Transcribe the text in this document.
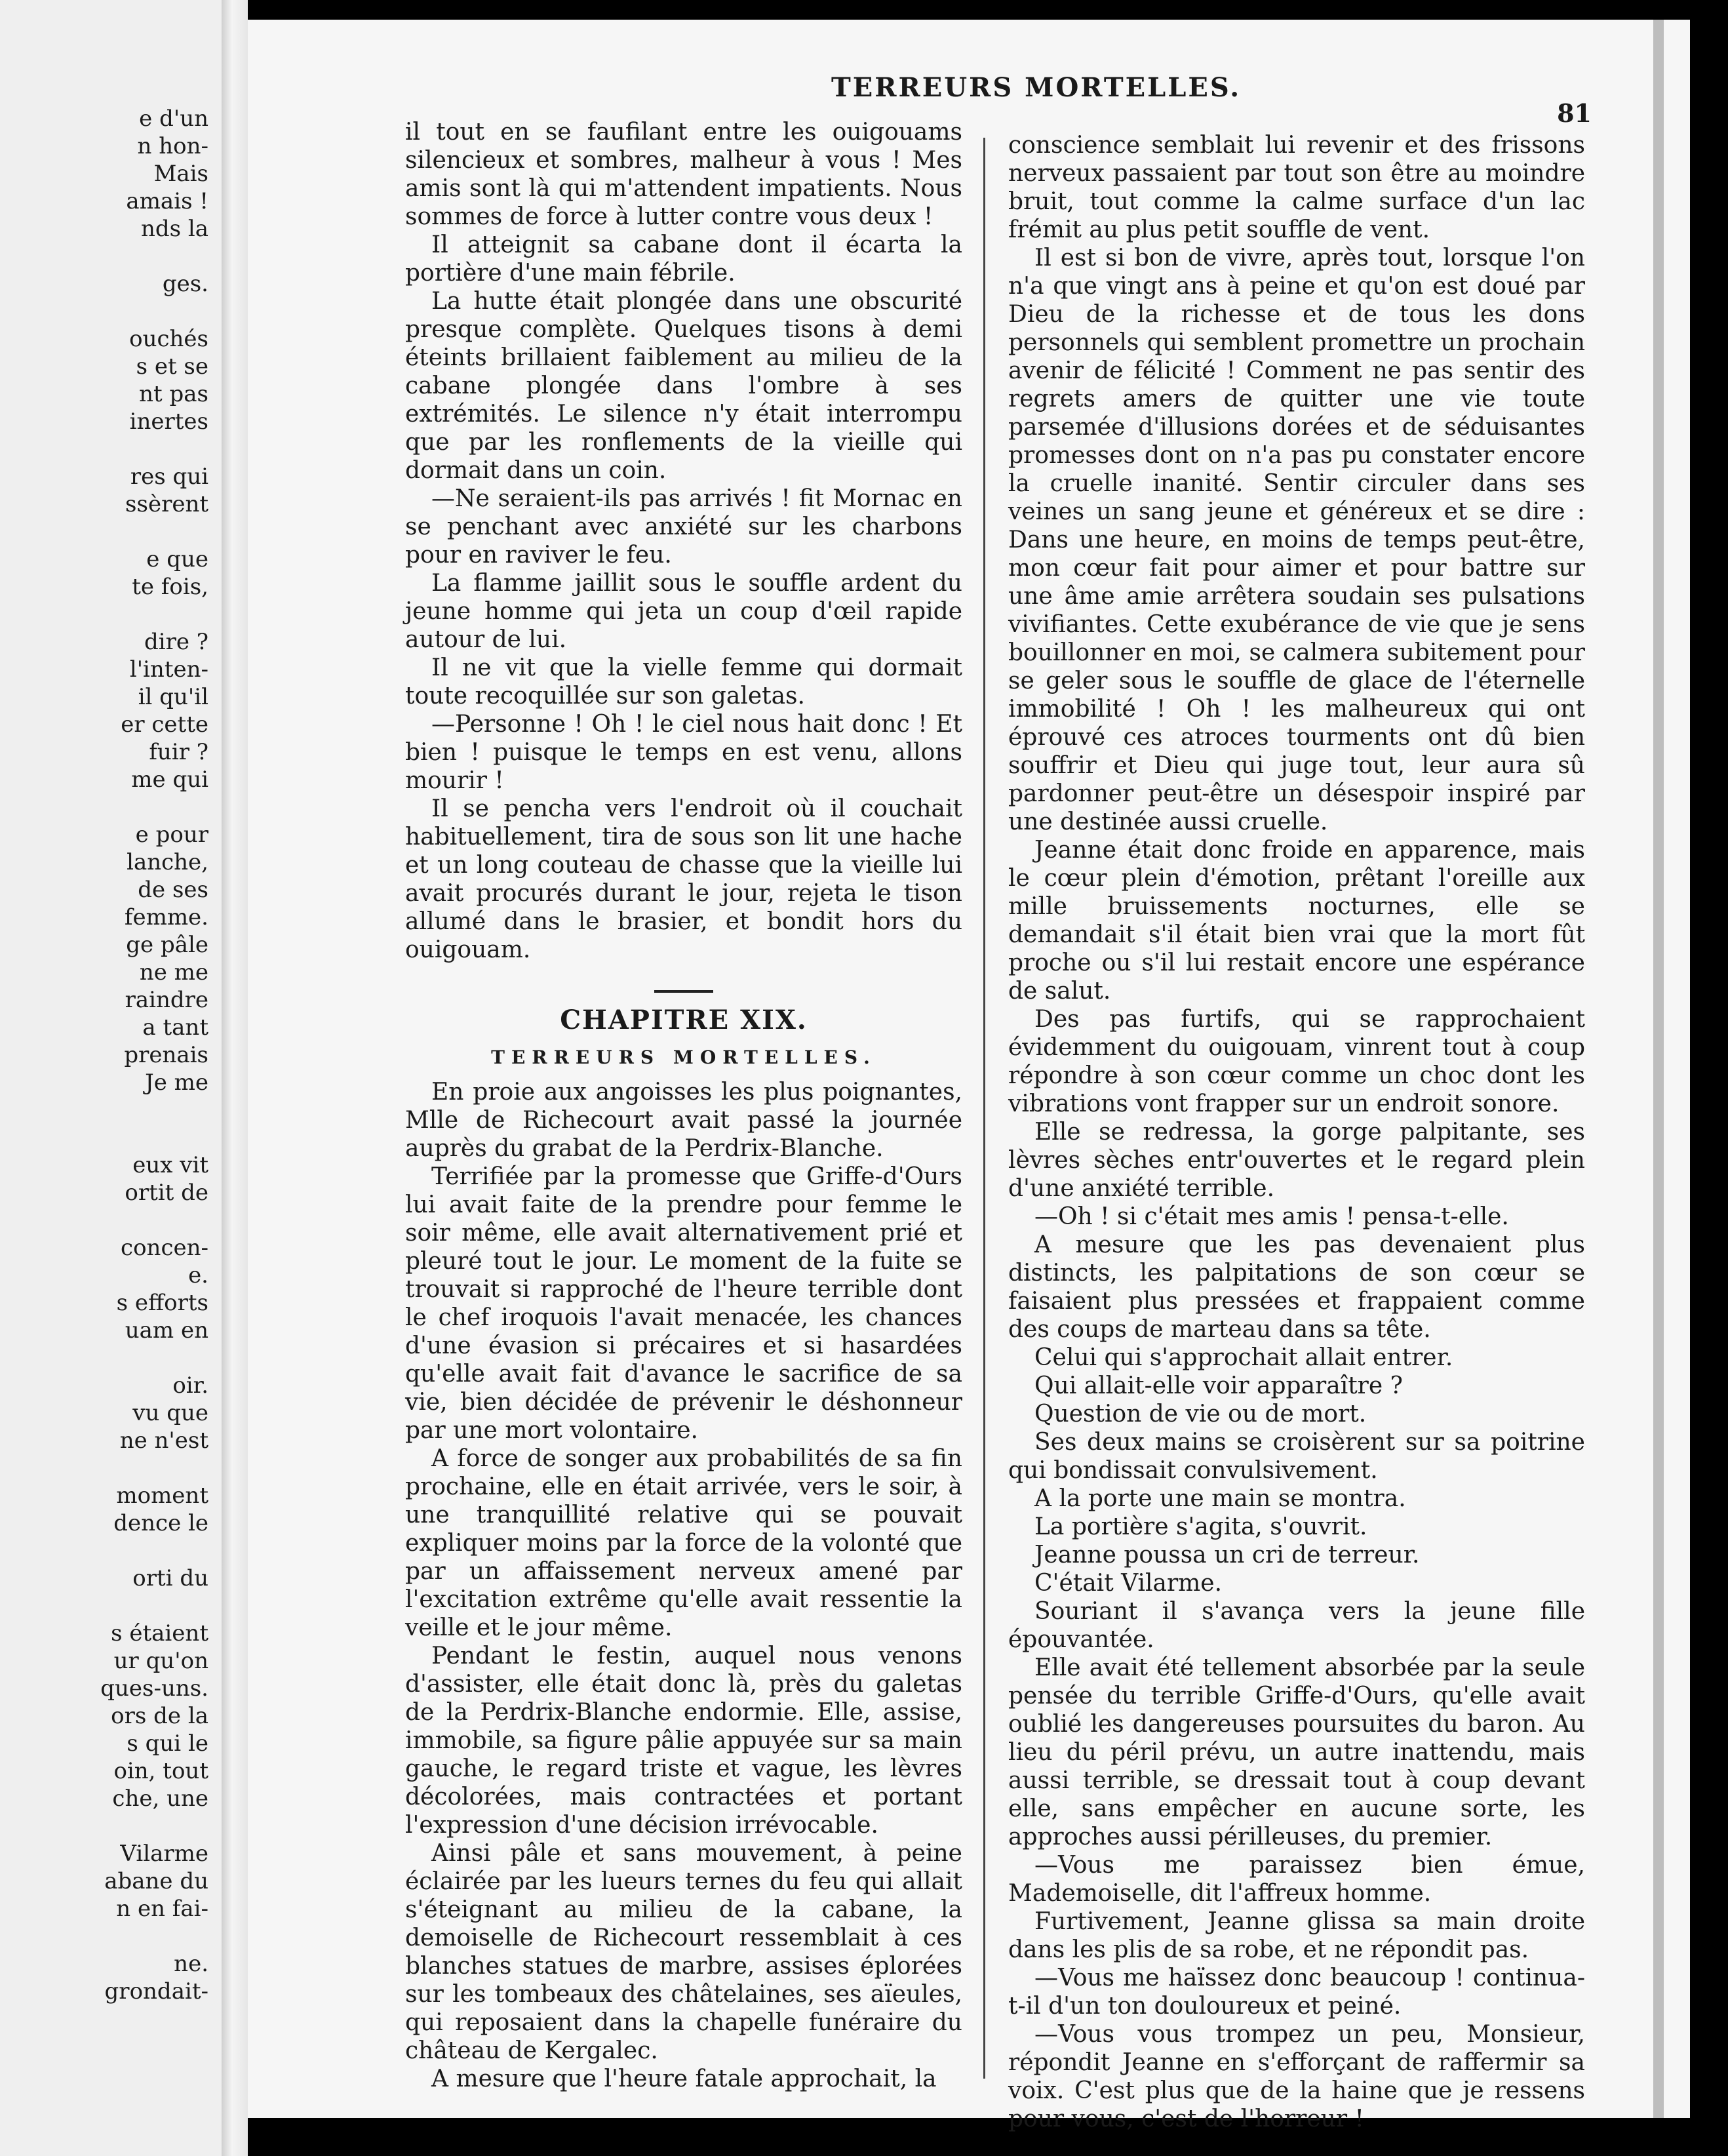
e d'un
n hon-
Mais
amais !
nds la
ges.
ouchés
s et se
nt pas
inertes
res qui
ssèrent
e que
te fois,
dire ?
l'inten-
il qu'il
er cette
fuir ?
me qui
e pour
lanche,
de ses
femme.
ge pâle
ne me
raindre
a tant
prenais
Je me
eux vit
ortit de
concen-
e.
s efforts
uam en
oir.
vu que
ne n'est
moment
dence le
orti du
s étaient
ur qu'on
ques-uns.
ors de la
s qui le
oin, tout
che, une
Vilarme
abane du
n en fai-
ne.
grondait-
TERREURS MORTELLES.
81

il tout en se faufilant entre les ouigouams silencieux et sombres, malheur à vous ! Mes amis sont là qui m'attendent impatients. Nous sommes de force à lutter contre vous deux !

Il atteignit sa cabane dont il écarta la portière d'une main fébrile.

La hutte était plongée dans une obscurité presque complète. Quelques tisons à demi éteints brillaient faiblement au milieu de la cabane plongée dans l'ombre à ses extrémités. Le silence n'y était interrompu que par les ronflements de la vieille qui dormait dans un coin.

—Ne seraient-ils pas arrivés ! fit Mornac en se penchant avec anxiété sur les charbons pour en raviver le feu.

La flamme jaillit sous le souffle ardent du jeune homme qui jeta un coup d'œil rapide autour de lui.

Il ne vit que la vielle femme qui dormait toute recoquillée sur son galetas.

—Personne ! Oh ! le ciel nous hait donc ! Et bien ! puisque le temps en est venu, allons mourir !

Il se pencha vers l'endroit où il couchait habituellement, tira de sous son lit une hache et un long couteau de chasse que la vieille lui avait procurés durant le jour, rejeta le tison allumé dans le brasier, et bondit hors du ouigouam.

CHAPITRE XIX.
TERREURS MORTELLES.

En proie aux angoisses les plus poignantes, Mlle de Richecourt avait passé la journée auprès du grabat de la Perdrix-Blanche.

Terrifiée par la promesse que Griffe-d'Ours lui avait faite de la prendre pour femme le soir même, elle avait alternativement prié et pleuré tout le jour. Le moment de la fuite se trouvait si rapproché de l'heure terrible dont le chef iroquois l'avait menacée, les chances d'une évasion si précaires et si hasardées qu'elle avait fait d'avance le sacrifice de sa vie, bien décidée de prévenir le déshonneur par une mort volontaire.

A force de songer aux probabilités de sa fin prochaine, elle en était arrivée, vers le soir, à une tranquillité relative qui se pouvait expliquer moins par la force de la volonté que par un affaissement nerveux amené par l'excitation extrême qu'elle avait ressentie la veille et le jour même.

Pendant le festin, auquel nous venons d'assister, elle était donc là, près du galetas de la Perdrix-Blanche endormie. Elle, assise, immobile, sa figure pâlie appuyée sur sa main gauche, le regard triste et vague, les lèvres décolorées, mais contractées et portant l'expression d'une décision irrévocable.

Ainsi pâle et sans mouvement, à peine éclairée par les lueurs ternes du feu qui allait s'éteignant au milieu de la cabane, la demoiselle de Richecourt ressemblait à ces blanches statues de marbre, assises éplorées sur les tombeaux des châtelaines, ses aïeules, qui reposaient dans la chapelle funéraire du château de Kergalec.

A mesure que l'heure fatale approchait, la

conscience semblait lui revenir et des frissons nerveux passaient par tout son être au moindre bruit, tout comme la calme surface d'un lac frémit au plus petit souffle de vent.

Il est si bon de vivre, après tout, lorsque l'on n'a que vingt ans à peine et qu'on est doué par Dieu de la richesse et de tous les dons personnels qui semblent promettre un prochain avenir de félicité ! Comment ne pas sentir des regrets amers de quitter une vie toute parsemée d'illusions dorées et de séduisantes promesses dont on n'a pas pu constater encore la cruelle inanité. Sentir circuler dans ses veines un sang jeune et généreux et se dire : Dans une heure, en moins de temps peut-être, mon cœur fait pour aimer et pour battre sur une âme amie arrêtera soudain ses pulsations vivifiantes. Cette exubérance de vie que je sens bouillonner en moi, se calmera subitement pour se geler sous le souffle de glace de l'éternelle immobilité ! Oh ! les malheureux qui ont éprouvé ces atroces tourments ont dû bien souffrir et Dieu qui juge tout, leur aura sû pardonner peut-être un désespoir inspiré par une destinée aussi cruelle.

Jeanne était donc froide en apparence, mais le cœur plein d'émotion, prêtant l'oreille aux mille bruissements nocturnes, elle se demandait s'il était bien vrai que la mort fût proche ou s'il lui restait encore une espérance de salut.

Des pas furtifs, qui se rapprochaient évidemment du ouigouam, vinrent tout à coup répondre à son cœur comme un choc dont les vibrations vont frapper sur un endroit sonore.

Elle se redressa, la gorge palpitante, ses lèvres sèches entr'ouvertes et le regard plein d'une anxiété terrible.

—Oh ! si c'était mes amis ! pensa-t-elle.

A mesure que les pas devenaient plus distincts, les palpitations de son cœur se faisaient plus pressées et frappaient comme des coups de marteau dans sa tête.

Celui qui s'approchait allait entrer.

Qui allait-elle voir apparaître ?

Question de vie ou de mort.

Ses deux mains se croisèrent sur sa poitrine qui bondissait convulsivement.

A la porte une main se montra.

La portière s'agita, s'ouvrit.

Jeanne poussa un cri de terreur.

C'était Vilarme.

Souriant il s'avança vers la jeune fille épouvantée.

Elle avait été tellement absorbée par la seule pensée du terrible Griffe-d'Ours, qu'elle avait oublié les dangereuses poursuites du baron. Au lieu du péril prévu, un autre inattendu, mais aussi terrible, se dressait tout à coup devant elle, sans empêcher en aucune sorte, les approches aussi périlleuses, du premier.

—Vous me paraissez bien émue, Mademoiselle, dit l'affreux homme.

Furtivement, Jeanne glissa sa main droite dans les plis de sa robe, et ne répondit pas.

—Vous me haïssez donc beaucoup ! continua-t-il d'un ton douloureux et peiné.

—Vous vous trompez un peu, Monsieur, répondit Jeanne en s'efforçant de raffermir sa voix. C'est plus que de la haine que je ressens pour vous, c'est de l'horreur !
